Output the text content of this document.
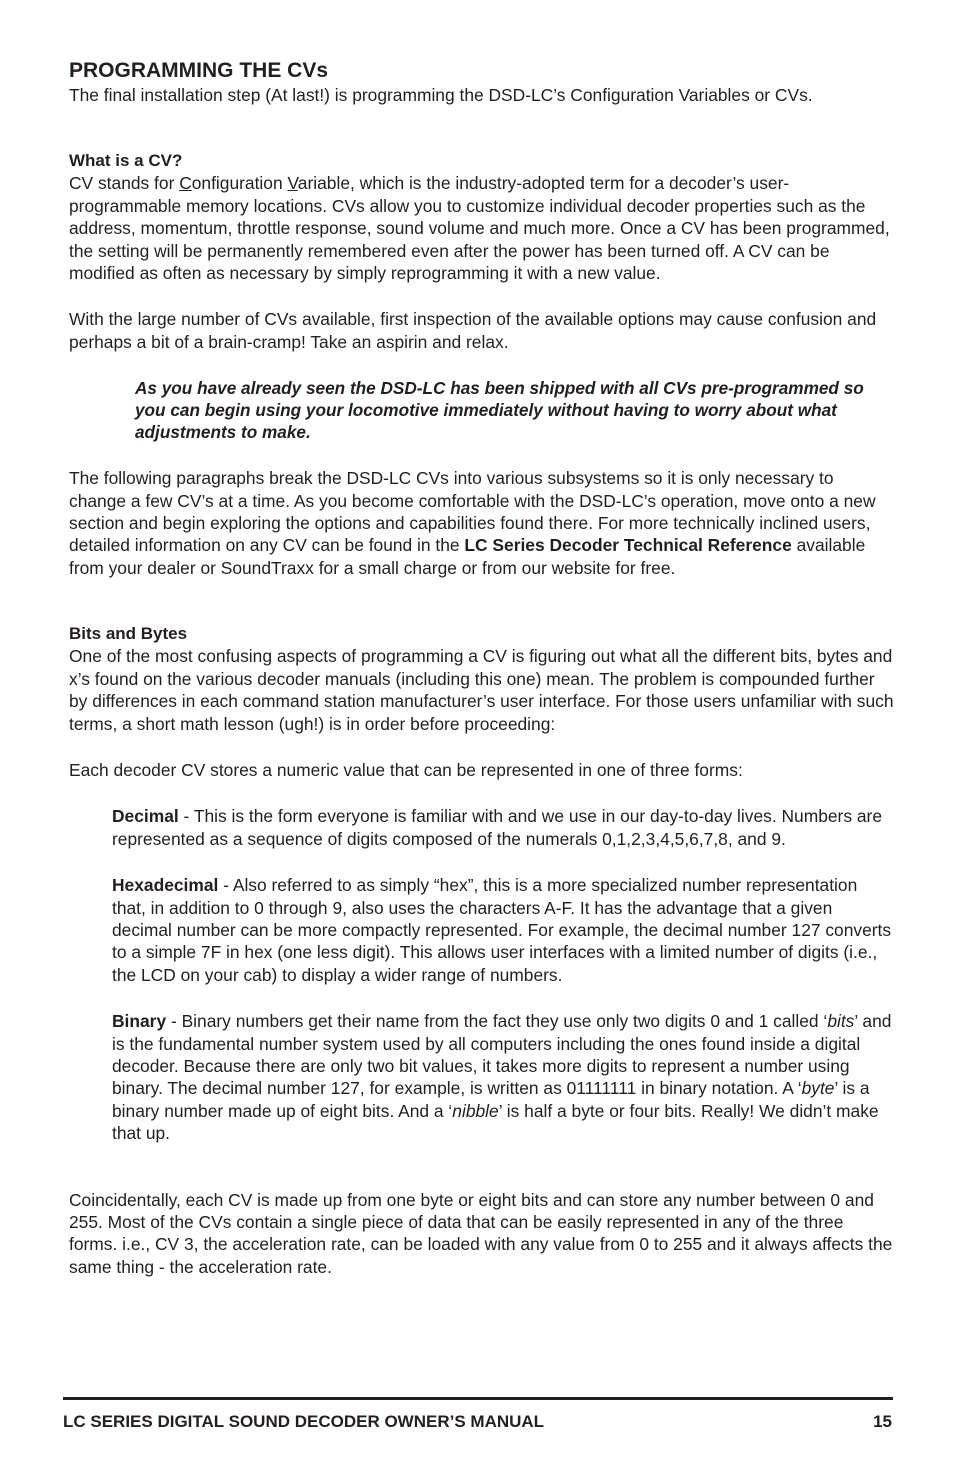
PROGRAMMING THE CVs

The final installation step (At last!) is programming the DSD-LC’s Configuration Variables or CVs.

What is a CV?

CV stands for Configuration Variable, which is the industry-adopted term for a decoder’s user-programmable memory locations. CVs allow you to customize individual decoder properties such as the address, momentum, throttle response, sound volume and much more. Once a CV has been programmed, the setting will be permanently remembered even after the power has been turned off. A CV can be modified as often as necessary by simply reprogramming it with a new value.

With the large number of CVs available, first inspection of the available options may cause confusion and perhaps a bit of a brain-cramp! Take an aspirin and relax.

As you have already seen the DSD-LC has been shipped with all CVs pre-programmed so you can begin using your locomotive immediately without having to worry about what adjustments to make.

The following paragraphs break the DSD-LC CVs into various subsystems so it is only necessary to change a few CV’s at a time. As you become comfortable with the DSD-LC’s operation, move onto a new section and begin exploring the options and capabilities found there. For more technically inclined users, detailed information on any CV can be found in the LC Series Decoder Technical Reference available from your dealer or SoundTraxx for a small charge or from our website for free.

Bits and Bytes

One of the most confusing aspects of programming a CV is figuring out what all the different bits, bytes and x’s found on the various decoder manuals (including this one) mean. The problem is compounded further by differences in each command station manufacturer’s user interface. For those users unfamiliar with such terms, a short math lesson (ugh!) is in order before proceeding:

Each decoder CV stores a numeric value that can be represented in one of three forms:

Decimal - This is the form everyone is familiar with and we use in our day-to-day lives. Numbers are represented as a sequence of digits composed of the numerals 0,1,2,3,4,5,6,7,8, and 9.

Hexadecimal - Also referred to as simply “hex”, this is a more specialized number representation that, in addition to 0 through 9, also uses the characters A-F. It has the advantage that a given decimal number can be more compactly represented. For example, the decimal number 127 converts to a simple 7F in hex (one less digit). This allows user interfaces with a limited number of digits (i.e., the LCD on your cab) to display a wider range of numbers.

Binary - Binary numbers get their name from the fact they use only two digits 0 and 1 called ‘bits’ and is the fundamental number system used by all computers including the ones found inside a digital decoder. Because there are only two bit values, it takes more digits to represent a number using binary. The decimal number 127, for example, is written as 01111111 in binary notation. A ‘byte’ is a binary number made up of eight bits. And a ‘nibble’ is half a byte or four bits. Really! We didn’t make that up.

Coincidentally, each CV is made up from one byte or eight bits and can store any number between 0 and 255. Most of the CVs contain a single piece of data that can be easily represented in any of the three forms. i.e., CV 3, the acceleration rate, can be loaded with any value from 0 to 255 and it always affects the same thing - the acceleration rate.

LC SERIES DIGITAL SOUND DECODER OWNER’S MANUAL	15
